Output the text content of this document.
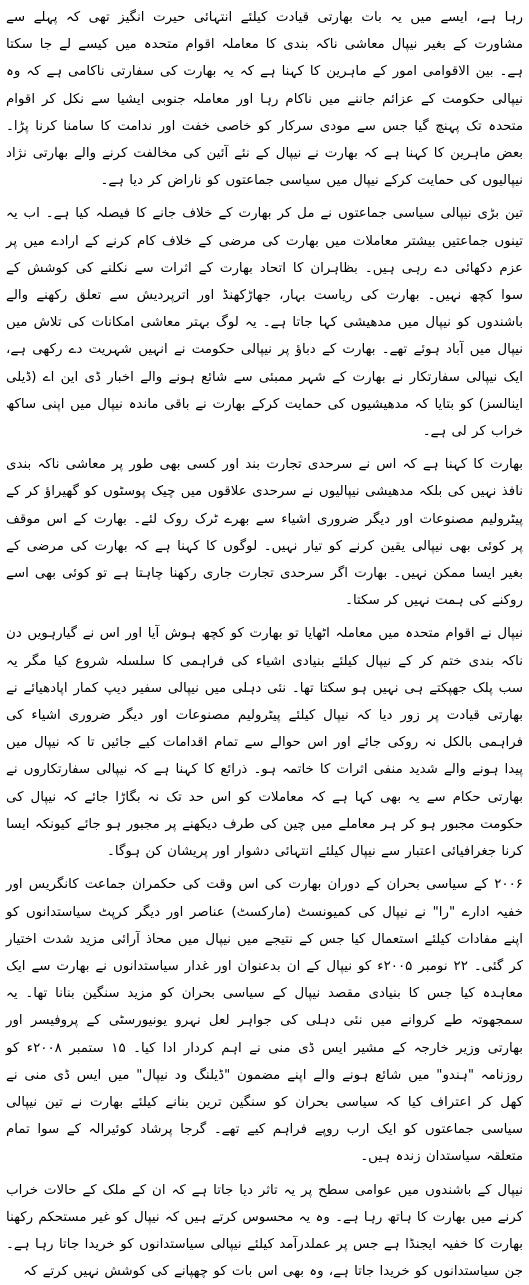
رہا ہے، ایسے میں یہ بات بھارتی قیادت کیلئے انتہائی حیرت انگیز تھی کہ پہلے سے مشاورت کے بغیر نیپال معاشی ناکہ بندی کا معاملہ اقوام متحدہ میں کیسے لے جا سکتا ہے۔ بین الاقوامی امور کے ماہرین کا کہنا ہے کہ یہ بھارت کی سفارتی ناکامی ہے کہ وہ نیپالی حکومت کے عزائم جاننے میں ناکام رہا اور معاملہ جنوبی ایشیا سے نکل کر اقوام متحدہ تک پہنچ گیا جس سے مودی سرکار کو خاصی خفت اور ندامت کا سامنا کرنا پڑا۔ بعض ماہرین کا کہنا ہے کہ بھارت نے نیپال کے نئے آئین کی مخالفت کرنے والے بھارتی نژاد نیپالیوں کی حمایت کرکے نیپال میں سیاسی جماعتوں کو ناراض کر دیا ہے۔

تین بڑی نیپالی سیاسی جماعتوں نے مل کر بھارت کے خلاف جانے کا فیصلہ کیا ہے۔ اب یہ تینوں جماعتیں بیشتر معاملات میں بھارت کی مرضی کے خلاف کام کرنے کے ارادے میں پر عزم دکھائی دے رہی ہیں۔ بظاہران کا اتحاد بھارت کے اثرات سے نکلنے کی کوشش کے سوا کچھ نہیں۔ بھارت کی ریاست بہار، جھاڑکھنڈ اور اترپردیش سے تعلق رکھنے والے باشندوں کو نیپال میں مدھیشی کہا جاتا ہے۔ یہ لوگ بہتر معاشی امکانات کی تلاش میں نیپال میں آباد ہوئے تھے۔ بھارت کے دباؤ پر نیپالی حکومت نے انہیں شہریت دے رکھی ہے، ایک نیپالی سفارتکار نے بھارت کے شہر ممبئی سے شائع ہونے والے اخبار ڈی این اے (ڈیلی اینالسز) کو بتایا کہ مدھیشیوں کی حمایت کرکے بھارت نے باقی ماندہ نیپال میں اپنی ساکھ خراب کر لی ہے۔

بھارت کا کہنا ہے کہ اس نے سرحدی تجارت بند اور کسی بھی طور پر معاشی ناکہ بندی نافذ نہیں کی بلکہ مدھیشی نیپالیوں نے سرحدی علاقوں میں چیک پوسٹوں کو گھیراؤ کر کے پیٹرولیم مصنوعات اور دیگر ضروری اشیاء سے بھرے ٹرک روک لئے۔ بھارت کے اس موقف پر کوئی بھی نیپالی یقین کرنے کو تیار نہیں۔ لوگوں کا کہنا ہے کہ بھارت کی مرضی کے بغیر ایسا ممکن نہیں۔ بھارت اگر سرحدی تجارت جاری رکھنا چاہتا ہے تو کوئی بھی اسے روکنے کی ہمت نہیں کر سکتا۔

نیپال نے اقوام متحدہ میں معاملہ اٹھایا تو بھارت کو کچھ ہوش آیا اور اس نے گیارہویں دن ناکہ بندی ختم کر کے نیپال کیلئے بنیادی اشیاء کی فراہمی کا سلسلہ شروع کیا مگر یہ سب پلک جھپکتے ہی نہیں ہو سکتا تھا۔ نئی دہلی میں نیپالی سفیر دیپ کمار اپادھیائے نے بھارتی قیادت پر زور دیا کہ نیپال کیلئے پیٹرولیم مصنوعات اور دیگر ضروری اشیاء کی فراہمی بالکل نہ روکی جائے اور اس حوالے سے تمام اقدامات کیے جائیں تا کہ نیپال میں پیدا ہونے والے شدید منفی اثرات کا خاتمہ ہو۔ ذرائع کا کہنا ہے کہ نیپالی سفارتکاروں نے بھارتی حکام سے یہ بھی کہا ہے کہ معاملات کو اس حد تک نہ بگاڑا جائے کہ نیپال کی حکومت مجبور ہو کر ہر معاملے میں چین کی طرف دیکھنے پر مجبور ہو جائے کیونکہ ایسا کرنا جغرافیائی اعتبار سے نیپال کیلئے انتہائی دشوار اور پریشان کن ہوگا۔

۲۰۰۶ کے سیاسی بحران کے دوران بھارت کی اس وقت کی حکمران جماعت کانگریس اور خفیہ ادارے "را" نے نیپال کی کمیونسٹ (مارکسٹ) عناصر اور دیگر کرپٹ سیاستدانوں کو اپنے مفادات کیلئے استعمال کیا جس کے نتیجے میں نیپال میں محاذ آرائی مزید شدت اختیار کر گئی۔ ۲۲ نومبر ۲۰۰۵ء کو نیپال کے ان بدعنوان اور غدار سیاستدانوں نے بھارت سے ایک معاہدہ کیا جس کا بنیادی مقصد نیپال کے سیاسی بحران کو مزید سنگین بنانا تھا۔ یہ سمجھوتہ طے کروانے میں نئی دہلی کی جواہر لعل نہرو یونیورسٹی کے پروفیسر اور بھارتی وزیر خارجہ کے مشیر ایس ڈی منی نے اہم کردار ادا کیا۔ ۱۵ ستمبر ۲۰۰۸ء کو روزنامہ "ہندو" میں شائع ہونے والے اپنے مضمون "ڈیلنگ ود نیپال" میں ایس ڈی منی نے کھل کر اعتراف کیا کہ سیاسی بحران کو سنگین ترین بنانے کیلئے بھارت نے تین نیپالی سیاسی جماعتوں کو ایک ارب روپے فراہم کیے تھے۔ گرجا پرشاد کوئیرالہ کے سوا تمام متعلقہ سیاستدان زندہ ہیں۔

نیپال کے باشندوں میں عوامی سطح پر یہ تاثر دیا جاتا ہے کہ ان کے ملک کے حالات خراب کرنے میں بھارت کا ہاتھ رہا ہے۔ وہ یہ محسوس کرتے ہیں کہ نیپال کو غیر مستحکم رکھنا بھارت کا خفیہ ایجنڈا ہے جس پر عملدرآمد کیلئے نیپالی سیاستدانوں کو خریدا جاتا رہا ہے۔ جن سیاستدانوں کو خریدا جاتا ہے، وہ بھی اس بات کو چھپانے کی کوشش نہیں کرتے کہ
